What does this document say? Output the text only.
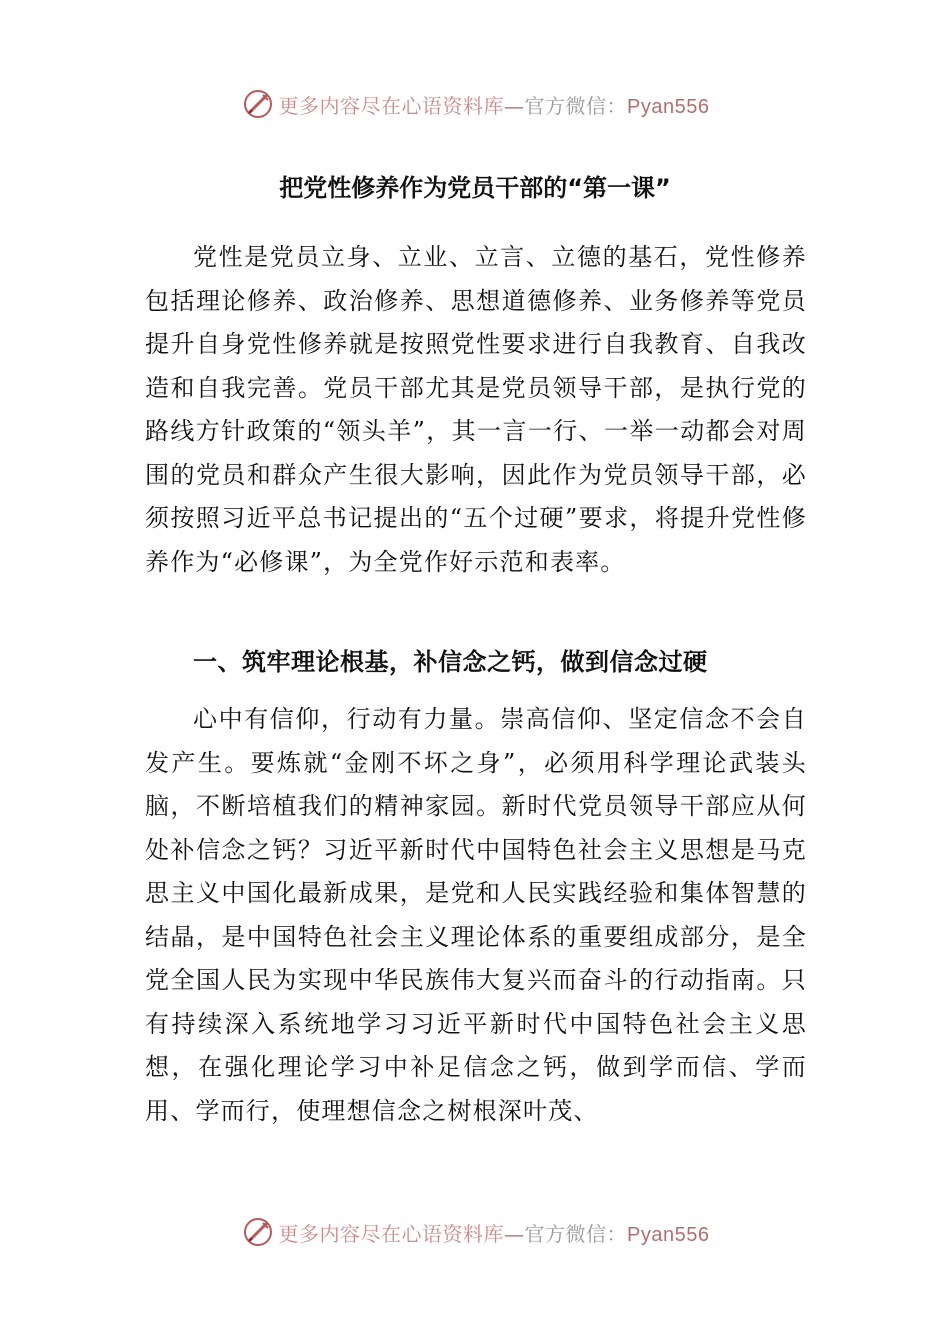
更多内容尽在心语资料库—官方微信：Pyan556
把党性修养作为党员干部的“第一课”

党性是党员立身、立业、立言、立德的基石，党性修养包括理论修养、政治修养、思想道德修养、业务修养等党员提升自身党性修养就是按照党性要求进行自我教育、自我改造和自我完善。党员干部尤其是党员领导干部，是执行党的路线方针政策的“领头羊”，其一言一行、一举一动都会对周围的党员和群众产生很大影响，因此作为党员领导干部，必须按照习近平总书记提出的“五个过硬”要求，将提升党性修养作为“必修课”，为全党作好示范和表率。

一、筑牢理论根基，补信念之钙，做到信念过硬

心中有信仰，行动有力量。崇高信仰、坚定信念不会自发产生。要炼就“金刚不坏之身”，必须用科学理论武装头脑，不断培植我们的精神家园。新时代党员领导干部应从何处补信念之钙？习近平新时代中国特色社会主义思想是马克思主义中国化最新成果，是党和人民实践经验和集体智慧的结晶，是中国特色社会主义理论体系的重要组成部分，是全党全国人民为实现中华民族伟大复兴而奋斗的行动指南。只有持续深入系统地学习习近平新时代中国特色社会主义思想，在强化理论学习中补足信念之钙，做到学而信、学而用、学而行，使理想信念之树根深叶茂、

更多内容尽在心语资料库—官方微信：Pyan556
